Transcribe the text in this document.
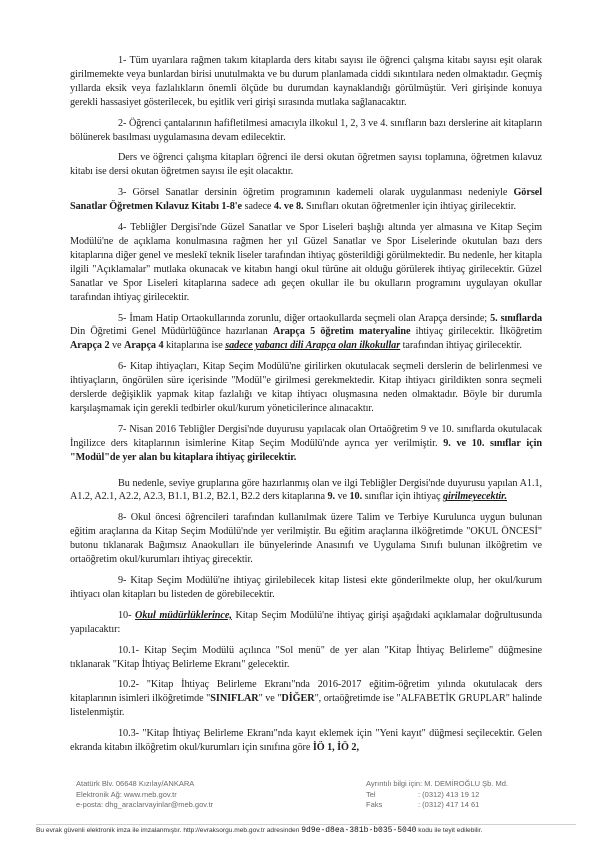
1- Tüm uyarılara rağmen takım kitaplarda ders kitabı sayısı ile öğrenci çalışma kitabı sayısı eşit olarak girilmemekte veya bunlardan birisi unutulmakta ve bu durum planlamada ciddi sıkıntılara neden olmaktadır. Geçmiş yıllarda eksik veya fazlalıkların önemli ölçüde bu durumdan kaynaklandığı görülmüştür. Veri girişinde konuya gerekli hassasiyet gösterilecek, bu eşitlik veri girişi sırasında mutlaka sağlanacaktır.

2- Öğrenci çantalarının hafifletilmesi amacıyla ilkokul 1, 2, 3 ve 4. sınıfların bazı derslerine ait kitapların bölünerek basılması uygulamasına devam edilecektir.

Ders ve öğrenci çalışma kitapları öğrenci ile dersi okutan öğretmen sayısı toplamına, öğretmen kılavuz kitabı ise dersi okutan öğretmen sayısı ile eşit olacaktır.

3- Görsel Sanatlar dersinin öğretim programının kademeli olarak uygulanması nedeniyle Görsel Sanatlar Öğretmen Kılavuz Kitabı 1-8'e sadece 4. ve 8. Sınıfları okutan öğretmenler için ihtiyaç girilecektir.

4- Tebliğler Dergisi'nde Güzel Sanatlar ve Spor Liseleri başlığı altında yer almasına ve Kitap Seçim Modülü'ne de açıklama konulmasına rağmen her yıl Güzel Sanatlar ve Spor Liselerinde okutulan bazı ders kitaplarına diğer genel ve meslekî teknik liseler tarafından ihtiyaç gösterildiği görülmektedir. Bu nedenle, her kitapla ilgili "Açıklamalar" mutlaka okunacak ve kitabın hangi okul türüne ait olduğu görülerek ihtiyaç girilecektir. Güzel Sanatlar ve Spor Liseleri kitaplarına sadece adı geçen okullar ile bu okulların programını uygulayan okullar tarafından ihtiyaç girilecektir.

5- İmam Hatip Ortaokullarında zorunlu, diğer ortaokullarda seçmeli olan Arapça dersinde; 5. sınıflarda Din Öğretimi Genel Müdürlüğünce hazırlanan Arapça 5 öğretim materyaline ihtiyaç girilecektir. İlköğretim Arapça 2 ve Arapça 4 kitaplarına ise sadece yabancı dili Arapça olan ilkokullar tarafından ihtiyaç girilecektir.

6- Kitap ihtiyaçları, Kitap Seçim Modülü'ne girilirken okutulacak seçmeli derslerin de belirlenmesi ve ihtiyaçların, öngörülen süre içerisinde "Modül"e girilmesi gerekmektedir. Kitap ihtiyacı girildikten sonra seçmeli derslerde değişiklik yapmak kitap fazlalığı ve kitap ihtiyacı oluşmasına neden olmaktadır. Böyle bir durumla karşılaşmamak için gerekli tedbirler okul/kurum yöneticilerince alınacaktır.

7- Nisan 2016 Tebliğler Dergisi'nde duyurusu yapılacak olan Ortaöğretim 9 ve 10. sınıflarda okutulacak İngilizce ders kitaplarının isimlerine Kitap Seçim Modülü'nde ayrıca yer verilmiştir. 9. ve 10. sınıflar için "Modül"de yer alan bu kitaplara ihtiyaç girilecektir.

Bu nedenle, seviye gruplarına göre hazırlanmış olan ve ilgi Tebliğler Dergisi'nde duyurusu yapılan A1.1, A1.2, A2.1, A2.2, A2.3, B1.1, B1.2, B2.1, B2.2 ders kitaplarına 9. ve 10. sınıflar için ihtiyaç girilmeyecektir.

8- Okul öncesi öğrencileri tarafından kullanılmak üzere Talim ve Terbiye Kurulunca uygun bulunan eğitim araçlarına da Kitap Seçim Modülü'nde yer verilmiştir. Bu eğitim araçlarına ilköğretimde "OKUL ÖNCESİ" butonu tıklanarak Bağımsız Anaokulları ile bünyelerinde Anasınıfı ve Uygulama Sınıfı bulunan ilköğretim ve ortaöğretim okul/kurumları ihtiyaç girecektir.

9- Kitap Seçim Modülü'ne ihtiyaç girilebilecek kitap listesi ekte gönderilmekte olup, her okul/kurum ihtiyacı olan kitapları bu listeden de görebilecektir.

10- Okul müdürlüklerince, Kitap Seçim Modülü'ne ihtiyaç girişi aşağıdaki açıklamalar doğrultusunda yapılacaktır:

10.1- Kitap Seçim Modülü açılınca "Sol menü" de yer alan "Kitap İhtiyaç Belirleme" düğmesine tıklanarak "Kitap İhtiyaç Belirleme Ekranı" gelecektir.

10.2- "Kitap İhtiyaç Belirleme Ekranı"nda 2016-2017 eğitim-öğretim yılında okutulacak ders kitaplarının isimleri ilköğretimde "SINIFLAR" ve "DİĞER", ortaöğretimde ise "ALFABETİK GRUPLAR" halinde listelenmiştir.

10.3- "Kitap İhtiyaç Belirleme Ekranı"nda kayıt eklemek için "Yeni kayıt" düğmesi seçilecektir. Gelen ekranda kitabın ilköğretim okul/kurumları için sınıfına göre İÖ 1, İÖ 2,

Atatürk Blv. 06648 Kızılay/ANKARA
Elektronik Ağ: www.meb.gov.tr
e-posta: dhg_araclarvayinlar@meb.gov.tr
Ayrıntılı bilgi için: M. DEMİROĞLU Şb. Md.
Tel	: (0312) 413 19 12
Faks	: (0312) 417 14 61
Bu evrak güvenli elektronik imza ile imzalanmıştır. http://evraksorgu.meb.gov.tr adresinden 9d9e-d8ea-381b-b035-5040 kodu ile teyit edilebilir.
